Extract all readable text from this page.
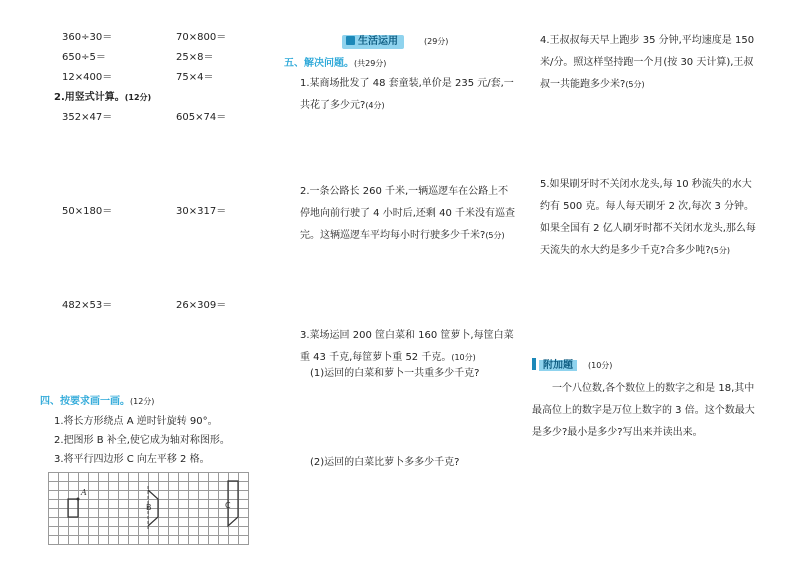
360÷30＝	70×800＝
650÷5＝	25×8＝
12×400＝	75×4＝
2.用竖式计算。(12分)
352×47＝	605×74＝
50×180＝	30×317＝
482×53＝	26×309＝
四、按要求画一画。(12分)
1.将长方形绕点 A 逆时针旋转 90°。
2.把图形 B 补全,使它成为轴对称图形。
3.将平行四边形 C 向左平移 2 格。
A
B	C
生活运用	(29分)
五、解决问题。(共29分)
1.某商场批发了 48 套童装,单价是 235 元/套,一共花了多少元?(4分)
2.一条公路长 260 千米,一辆巡逻车在公路上不停地向前行驶了 4 小时后,还剩 40 千米没有巡查完。这辆巡逻车平均每小时行驶多少千米?(5分)
3.菜场运回 200 筐白菜和 160 筐萝卜,每筐白菜重 43 千克,每筐萝卜重 52 千克。(10分)
(1)运回的白菜和萝卜一共重多少千克?
(2)运回的白菜比萝卜多多少千克?
4.王叔叔每天早上跑步 35 分钟,平均速度是 150 米/分。照这样坚持跑一个月(按 30 天计算),王叔叔一共能跑多少米?(5分)
5.如果刷牙时不关闭水龙头,每 10 秒流失的水大约有 500 克。每人每天刷牙 2 次,每次 3 分钟。如果全国有 2 亿人刷牙时都不关闭水龙头,那么每天流失的水大约是多少千克?合多少吨?(5分)
附加题	(10分)
一个八位数,各个数位上的数字之和是 18,其中最高位上的数字是万位上数字的 3 倍。这个数最大是多少?最小是多少?写出来并读出来。
